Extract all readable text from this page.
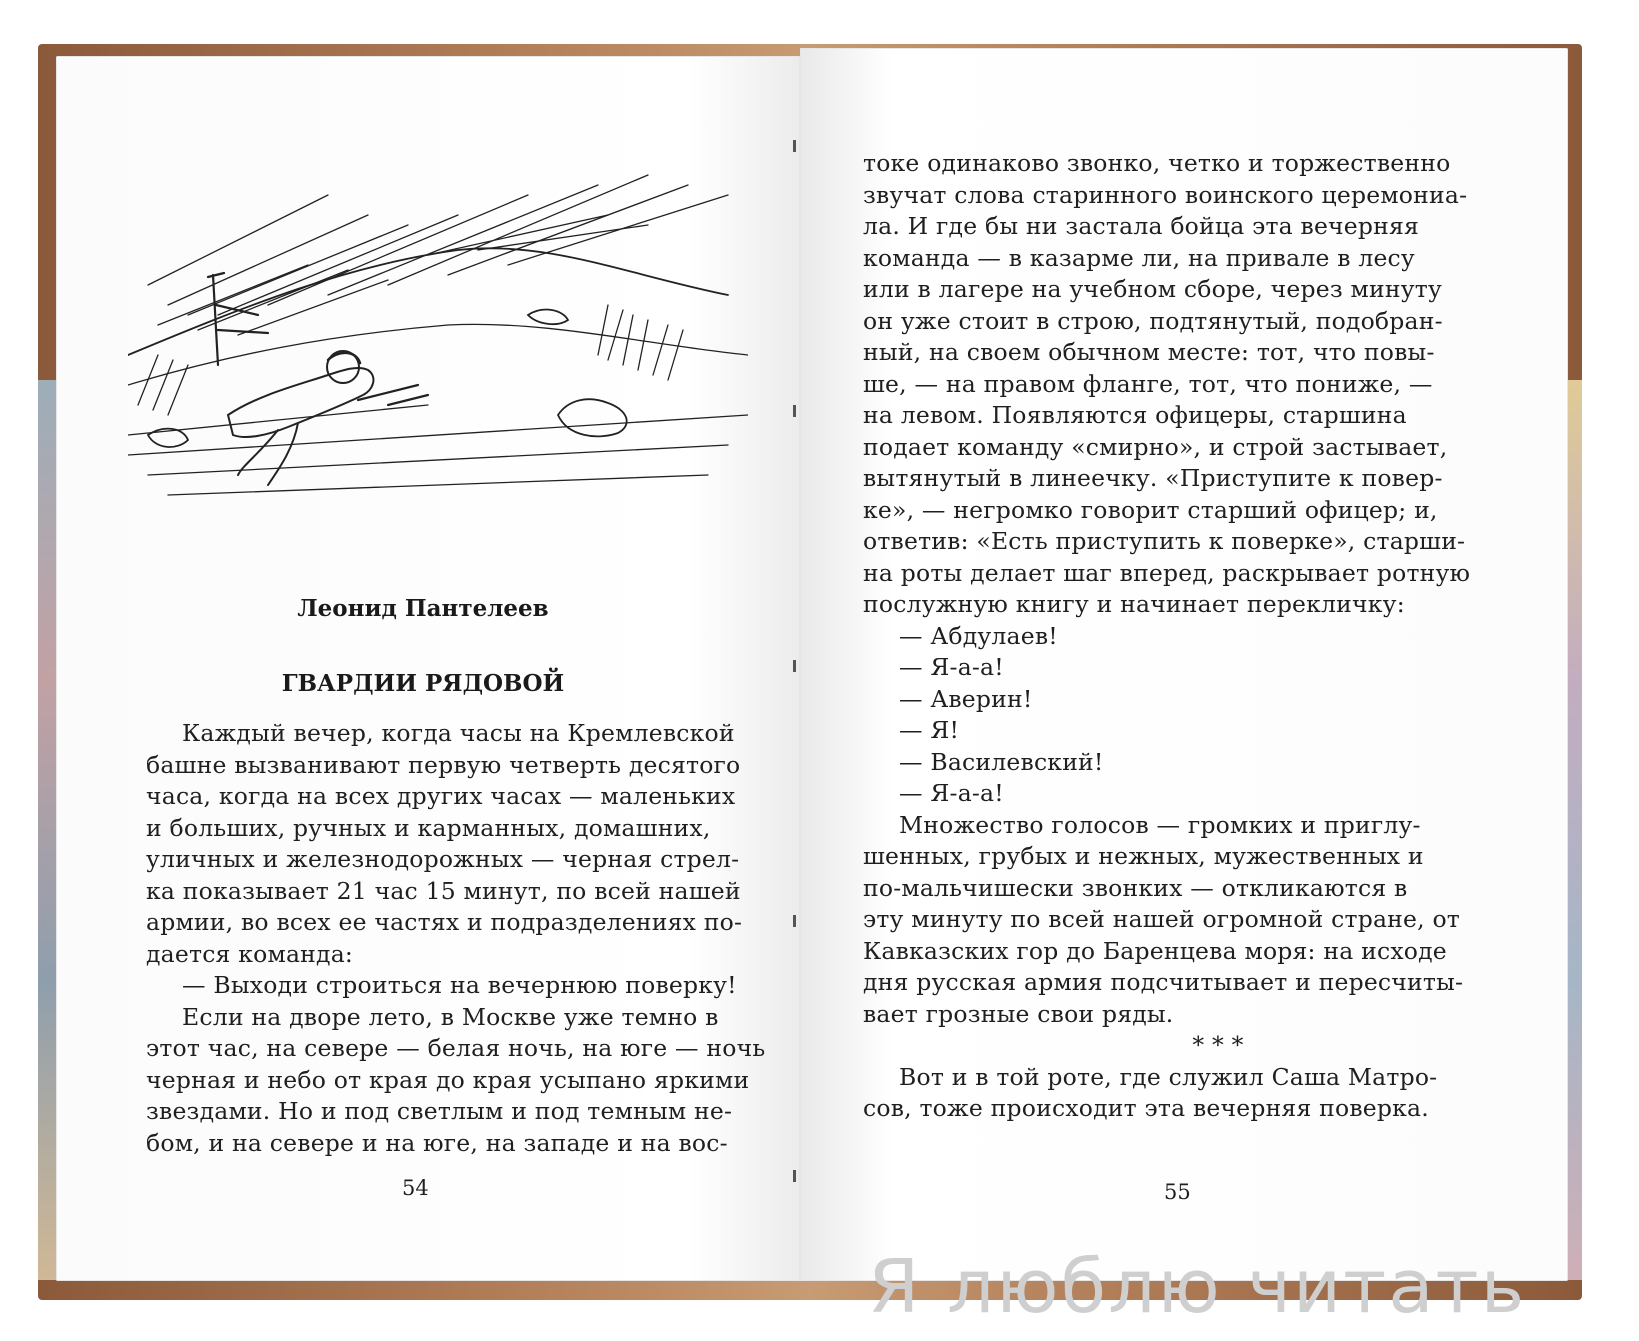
Леонид Пантелеев
ГВАРДИИ РЯДОВОЙ
Каждый вечер, когда часы на Кремлевской
башне вызванивают первую четверть десятого
часа, когда на всех других часах — маленьких
и больших, ручных и карманных, домашних,
уличных и железнодорожных — черная стрел-
ка показывает 21 час 15 минут, по всей нашей
армии, во всех ее частях и подразделениях по-
дается команда:
— Выходи строиться на вечернюю поверку!
Если на дворе лето, в Москве уже темно в
этот час, на севере — белая ночь, на юге — ночь
черная и небо от края до края усыпано яркими
звездами. Но и под светлым и под темным не-
бом, и на севере и на юге, на западе и на вос-
54
токе одинаково звонко, четко и торжественно
звучат слова старинного воинского церемониа-
ла. И где бы ни застала бойца эта вечерняя
команда — в казарме ли, на привале в лесу
или в лагере на учебном сборе, через минуту
он уже стоит в строю, подтянутый, подобран-
ный, на своем обычном месте: тот, что повы-
ше, — на правом фланге, тот, что пониже, —
на левом. Появляются офицеры, старшина
подает команду «смирно», и строй застывает,
вытянутый в линеечку. «Приступите к повер-
ке», — негромко говорит старший офицер; и,
ответив: «Есть приступить к поверке», старши-
на роты делает шаг вперед, раскрывает ротную
послужную книгу и начинает перекличку:
— Абдулаев!
— Я-а-а!
— Аверин!
— Я!
— Василевский!
— Я-а-а!
Множество голосов — громких и приглу-
шенных, грубых и нежных, мужественных и
по-мальчишески звонких — откликаются в
эту минуту по всей нашей огромной стране, от
Кавказских гор до Баренцева моря: на исходе
дня русская армия подсчитывает и пересчиты-
вает грозные свои ряды.
* * *
Вот и в той роте, где служил Саша Матро-
сов, тоже происходит эта вечерняя поверка.
55
Я люблю читать
